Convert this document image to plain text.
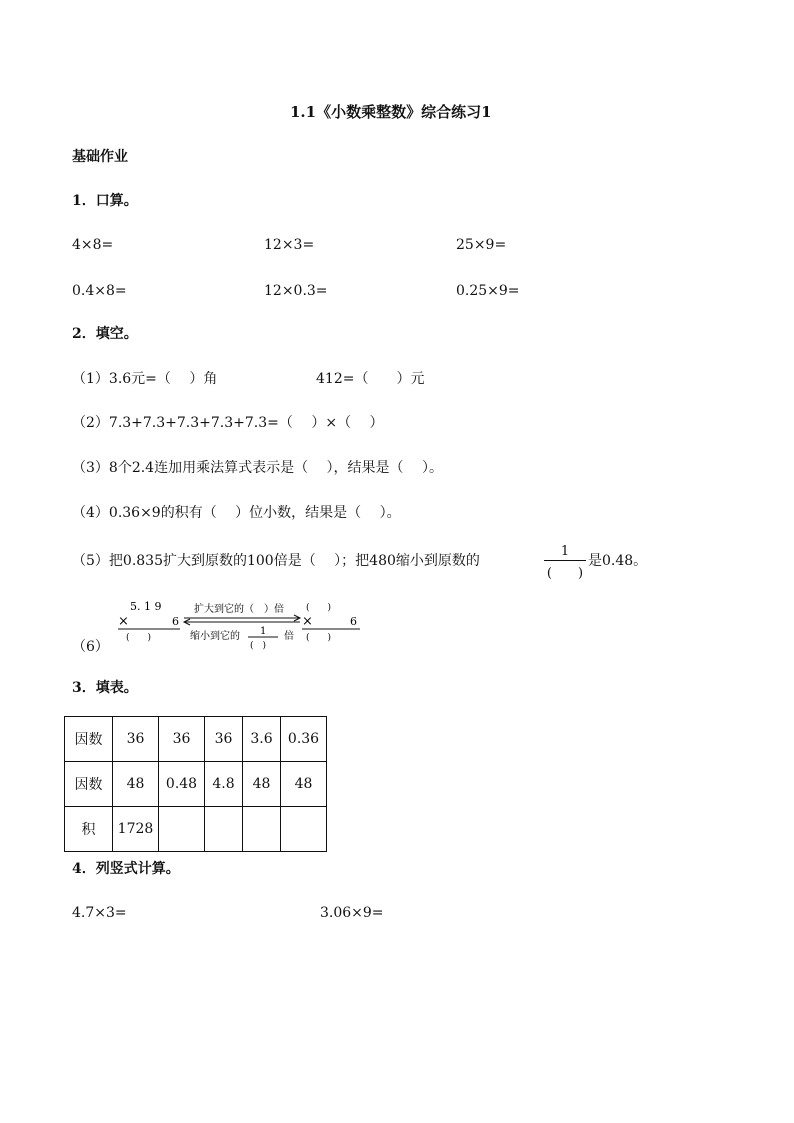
1.1《小数乘整数》综合练习1
基础作业
1．口算。
4×8=	12×3=	25×9=
0.4×8=	12×0.3=	0.25×9=
2．填空。
（1）3.6元=（　 ）角	412=（　　）元
（2）7.3+7.3+7.3+7.3+7.3=（　 ）×（　 ）
（3）8个2.4连加用乘法算式表示是（　 ），结果是（　 ）。
（4）0.36×9的积有（　 ）位小数，结果是（　 ）。
（5）把0.835扩大到原数的100倍是（　 ）；把480缩小到原数的
1
(　　)
是0.48。
（6）
5. 1 9
×	6
(　　)
扩大到它的（　）倍
缩小到它的 1
(　)
倍
(　　)
×	6
(　　)
3．填表。
因数	36	36	36	3.6	0.36
因数	48	0.48	4.8	48	48
积	1728				
4．列竖式计算。
4.7×3=	3.06×9=
